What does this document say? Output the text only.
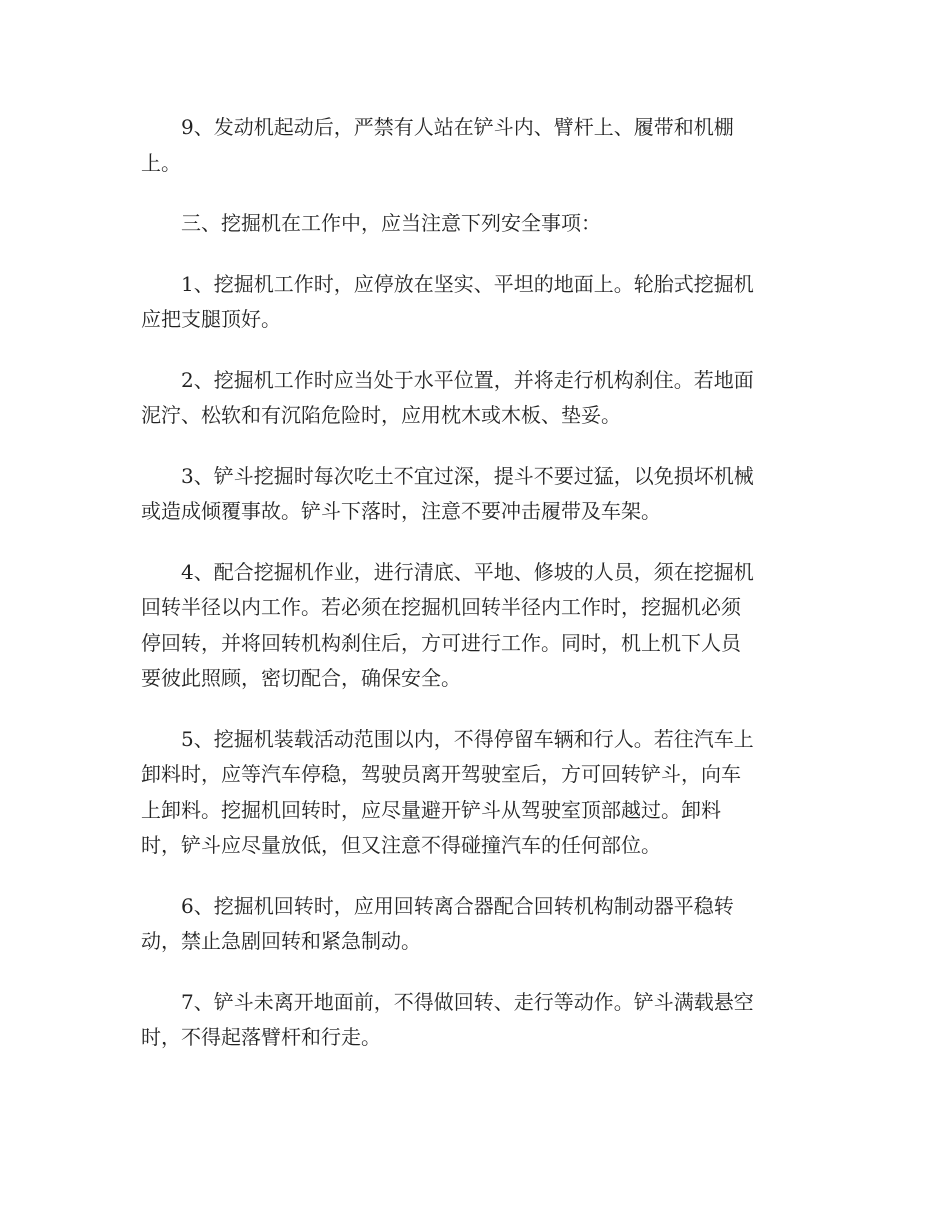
9、发动机起动后，严禁有人站在铲斗内、臂杆上、履带和机棚
上。

三、挖掘机在工作中，应当注意下列安全事项：

1、挖掘机工作时，应停放在坚实、平坦的地面上。轮胎式挖掘机
应把支腿顶好。

2、挖掘机工作时应当处于水平位置，并将走行机构刹住。若地面
泥泞、松软和有沉陷危险时，应用枕木或木板、垫妥。

3、铲斗挖掘时每次吃土不宜过深，提斗不要过猛，以免损坏机械
或造成倾覆事故。铲斗下落时，注意不要冲击履带及车架。

4、配合挖掘机作业，进行清底、平地、修坡的人员，须在挖掘机
回转半径以内工作。若必须在挖掘机回转半径内工作时，挖掘机必须
停回转，并将回转机构刹住后，方可进行工作。同时，机上机下人员
要彼此照顾，密切配合，确保安全。

5、挖掘机装载活动范围以内，不得停留车辆和行人。若往汽车上
卸料时，应等汽车停稳，驾驶员离开驾驶室后，方可回转铲斗，向车
上卸料。挖掘机回转时，应尽量避开铲斗从驾驶室顶部越过。卸料
时，铲斗应尽量放低，但又注意不得碰撞汽车的任何部位。

6、挖掘机回转时，应用回转离合器配合回转机构制动器平稳转
动，禁止急剧回转和紧急制动。

7、铲斗未离开地面前，不得做回转、走行等动作。铲斗满载悬空
时，不得起落臂杆和行走。
